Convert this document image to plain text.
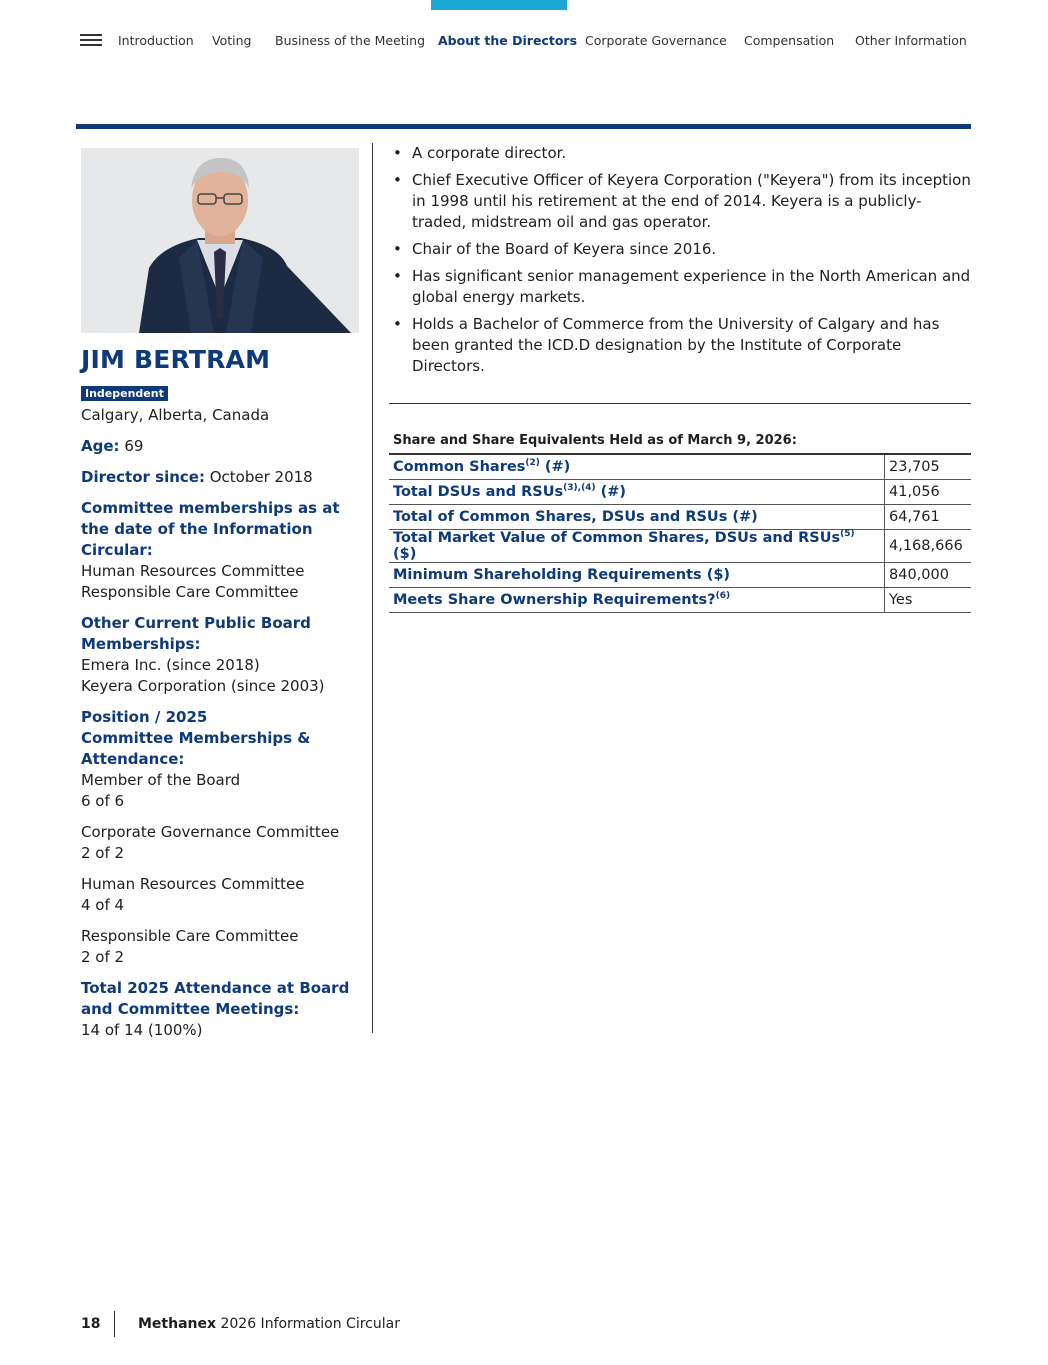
Introduction Voting Business of the Meeting About the Directors Corporate Governance Compensation Other Information
JIM BERTRAM
Independent

Calgary, Alberta, Canada

Age: 69

Director since: October 2018

Committee memberships as at the date of the Information Circular:
Human Resources Committee
Responsible Care Committee

Other Current Public Board Memberships:
Emera Inc. (since 2018)
Keyera Corporation (since 2003)

Position / 2025
Committee Memberships & Attendance:
Member of the Board
6 of 6

Corporate Governance Committee
2 of 2

Human Resources Committee
4 of 4

Responsible Care Committee
2 of 2

Total 2025 Attendance at Board and Committee Meetings:
14 of 14 (100%)

• A corporate director.
• Chief Executive Officer of Keyera Corporation ("Keyera") from its inception in 1998 until his retirement at the end of 2014. Keyera is a publicly-traded, midstream oil and gas operator.
• Chair of the Board of Keyera since 2016.
• Has significant senior management experience in the North American and global energy markets.
• Holds a Bachelor of Commerce from the University of Calgary and has been granted the ICD.D designation by the Institute of Corporate Directors.
Share and Share Equivalents Held as of March 9, 2026:
Common Shares$^{(2)}$ (#)	23,705
Total DSUs and RSUs$^{(3),(4)}$ (#)	41,056
Total of Common Shares, DSUs and RSUs (#)	64,761
Total Market Value of Common Shares, DSUs and RSUs$^{(5)}$ ($)	4,168,666
Minimum Shareholding Requirements ($)	840,000
Meets Share Ownership Requirements?$^{(6)}$	Yes
18	Methanex 2026 Information Circular
